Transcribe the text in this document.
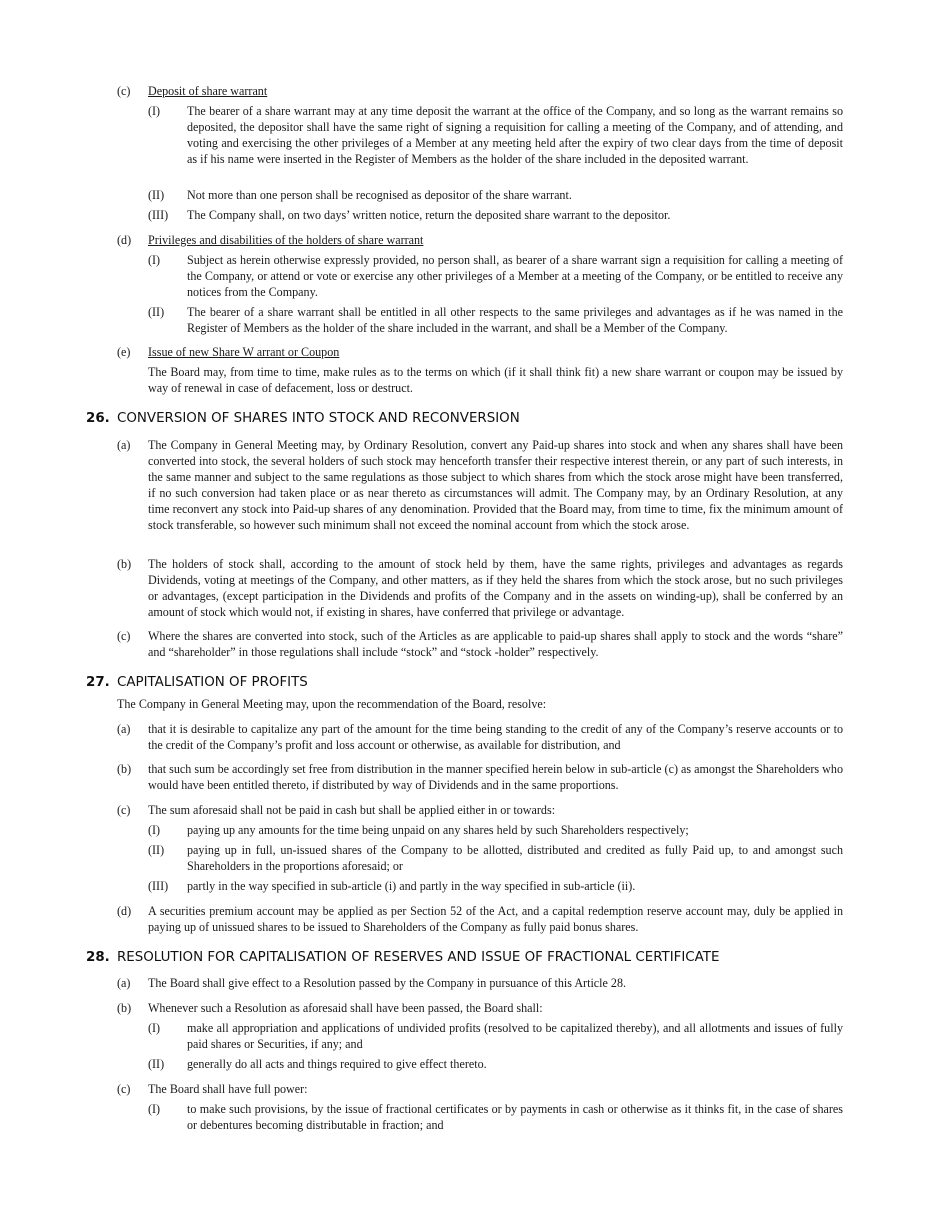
(c) Deposit of share warrant
(I) The bearer of a share warrant may at any time deposit the warrant at the office of the Company, and so long as the warrant remains so deposited, the depositor shall have the same right of signing a requisition for calling a meeting of the Company, and of attending, and voting and exercising the other privileges of a Member at any meeting held after the expiry of two clear days from the time of deposit as if his name were inserted in the Register of Members as the holder of the share included in the deposited warrant.
(II) Not more than one person shall be recognised as depositor of the share warrant.
(III) The Company shall, on two days’ written notice, return the deposited share warrant to the depositor.
(d) Privileges and disabilities of the holders of share warrant
(I) Subject as herein otherwise expressly provided, no person shall, as bearer of a share warrant sign a requisition for calling a meeting of the Company, or attend or vote or exercise any other privileges of a Member at a meeting of the Company, or be entitled to receive any notices from the Company.
(II) The bearer of a share warrant shall be entitled in all other respects to the same privileges and advantages as if he was named in the Register of Members as the holder of the share included in the warrant, and shall be a Member of the Company.
(e) Issue of new Share W arrant or Coupon
The Board may, from time to time, make rules as to the terms on which (if it shall think fit) a new share warrant or coupon may be issued by way of renewal in case of defacement, loss or destruct.
26. CONVERSION OF SHARES INTO STOCK AND RECONVERSION
(a) The Company in General Meeting may, by Ordinary Resolution, convert any Paid-up shares into stock and when any shares shall have been converted into stock, the several holders of such stock may henceforth transfer their respective interest therein, or any part of such interests, in the same manner and subject to the same regulations as those subject to which shares from which the stock arose might have been transferred, if no such conversion had taken place or as near thereto as circumstances will admit. The Company may, by an Ordinary Resolution, at any time reconvert any stock into Paid-up shares of any denomination. Provided that the Board may, from time to time, fix the minimum amount of stock transferable, so however such minimum shall not exceed the nominal account from which the stock arose.
(b) The holders of stock shall, according to the amount of stock held by them, have the same rights, privileges and advantages as regards Dividends, voting at meetings of the Company, and other matters, as if they held the shares from which the stock arose, but no such privileges or advantages, (except participation in the Dividends and profits of the Company and in the assets on winding-up), shall be conferred by an amount of stock which would not, if existing in shares, have conferred that privilege or advantage.
(c) Where the shares are converted into stock, such of the Articles as are applicable to paid-up shares shall apply to stock and the words “share” and “shareholder” in those regulations shall include “stock” and “stock -holder” respectively.
27. CAPITALISATION OF PROFITS
The Company in General Meeting may, upon the recommendation of the Board, resolve:
(a) that it is desirable to capitalize any part of the amount for the time being standing to the credit of any of the Company’s reserve accounts or to the credit of the Company’s profit and loss account or otherwise, as available for distribution, and
(b) that such sum be accordingly set free from distribution in the manner specified herein below in sub-article (c) as amongst the Shareholders who would have been entitled thereto, if distributed by way of Dividends and in the same proportions.
(c) The sum aforesaid shall not be paid in cash but shall be applied either in or towards:
(I) paying up any amounts for the time being unpaid on any shares held by such Shareholders respectively;
(II) paying up in full, un-issued shares of the Company to be allotted, distributed and credited as fully Paid up, to and amongst such Shareholders in the proportions aforesaid; or
(III) partly in the way specified in sub-article (i) and partly in the way specified in sub-article (ii).
(d) A securities premium account may be applied as per Section 52 of the Act, and a capital redemption reserve account may, duly be applied in paying up of unissued shares to be issued to Shareholders of the Company as fully paid bonus shares.
28. RESOLUTION FOR CAPITALISATION OF RESERVES AND ISSUE OF FRACTIONAL CERTIFICATE
(a) The Board shall give effect to a Resolution passed by the Company in pursuance of this Article 28.
(b) Whenever such a Resolution as aforesaid shall have been passed, the Board shall:
(I) make all appropriation and applications of undivided profits (resolved to be capitalized thereby), and all allotments and issues of fully paid shares or Securities, if any; and
(II) generally do all acts and things required to give effect thereto.
(c) The Board shall have full power:
(I) to make such provisions, by the issue of fractional certificates or by payments in cash or otherwise as it thinks fit, in the case of shares or debentures becoming distributable in fraction; and
